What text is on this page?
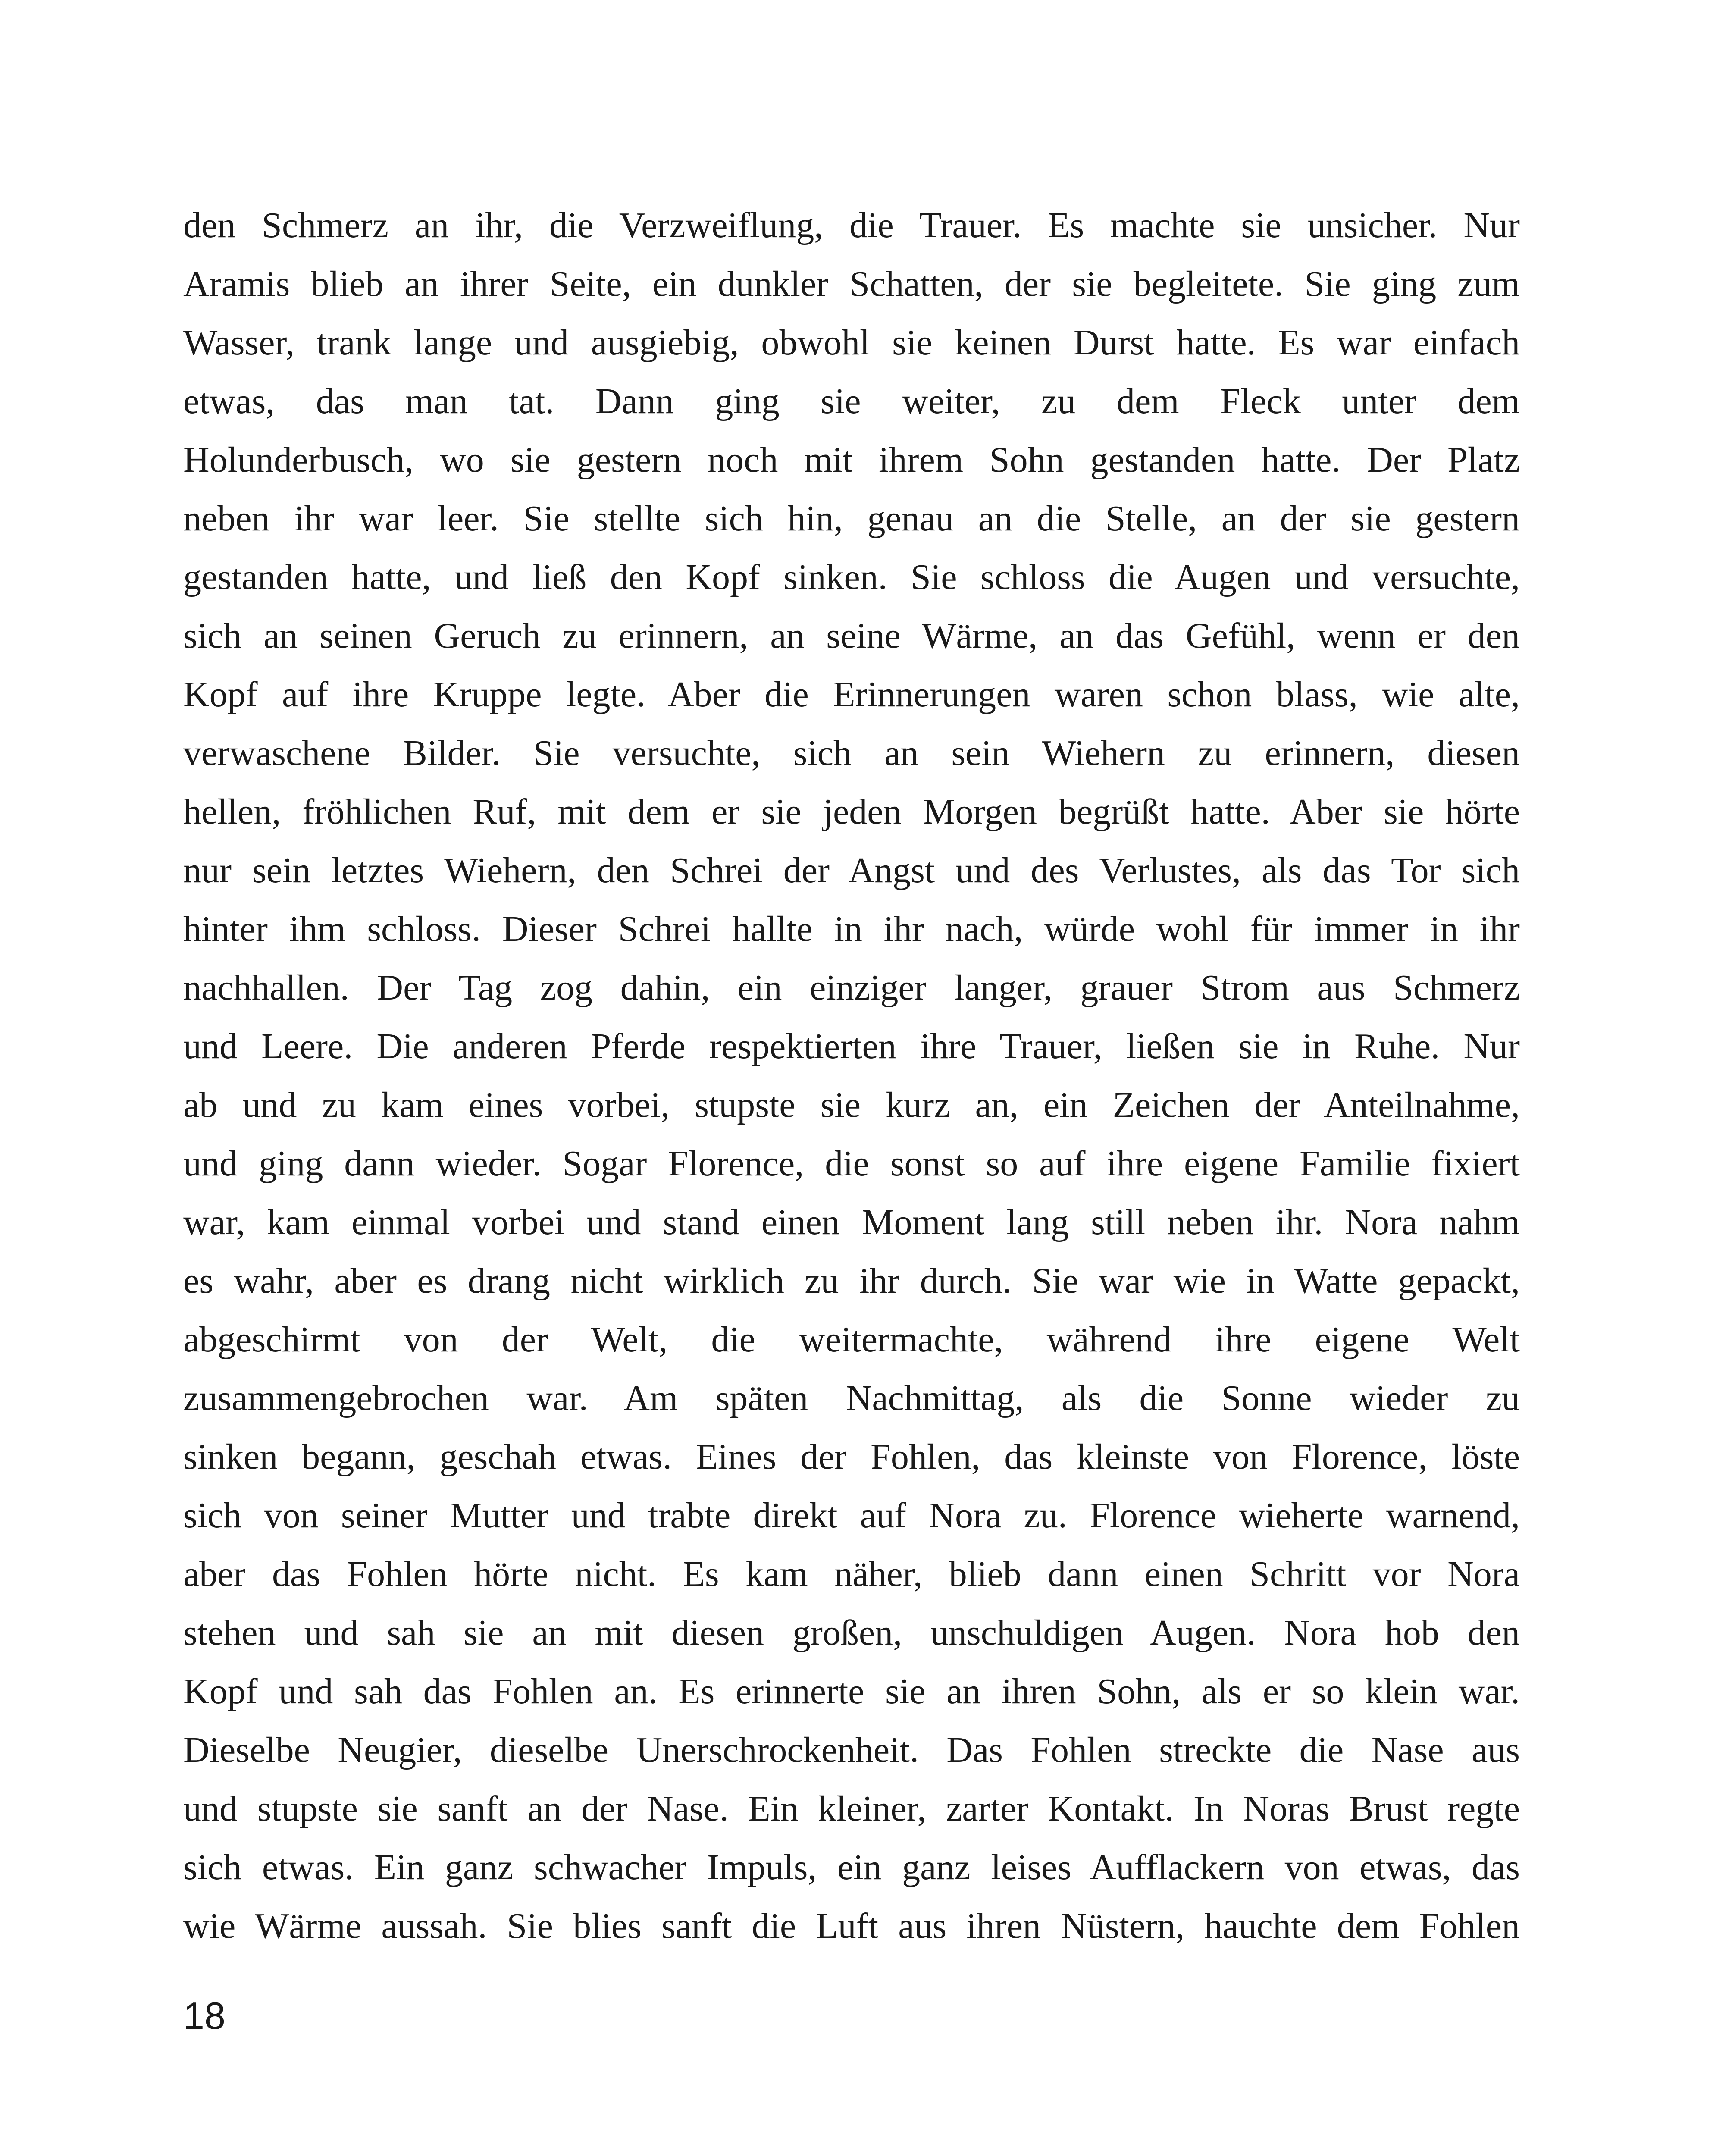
den Schmerz an ihr, die Verzweiflung, die Trauer. Es machte sie unsicher. Nur
Aramis blieb an ihrer Seite, ein dunkler Schatten, der sie begleitete. Sie ging zum
Wasser, trank lange und ausgiebig, obwohl sie keinen Durst hatte. Es war einfach
etwas, das man tat. Dann ging sie weiter, zu dem Fleck unter dem
Holunderbusch, wo sie gestern noch mit ihrem Sohn gestanden hatte. Der Platz
neben ihr war leer. Sie stellte sich hin, genau an die Stelle, an der sie gestern
gestanden hatte, und ließ den Kopf sinken. Sie schloss die Augen und versuchte,
sich an seinen Geruch zu erinnern, an seine Wärme, an das Gefühl, wenn er den
Kopf auf ihre Kruppe legte. Aber die Erinnerungen waren schon blass, wie alte,
verwaschene Bilder. Sie versuchte, sich an sein Wiehern zu erinnern, diesen
hellen, fröhlichen Ruf, mit dem er sie jeden Morgen begrüßt hatte. Aber sie hörte
nur sein letztes Wiehern, den Schrei der Angst und des Verlustes, als das Tor sich
hinter ihm schloss. Dieser Schrei hallte in ihr nach, würde wohl für immer in ihr
nachhallen. Der Tag zog dahin, ein einziger langer, grauer Strom aus Schmerz
und Leere. Die anderen Pferde respektierten ihre Trauer, ließen sie in Ruhe. Nur
ab und zu kam eines vorbei, stupste sie kurz an, ein Zeichen der Anteilnahme,
und ging dann wieder. Sogar Florence, die sonst so auf ihre eigene Familie fixiert
war, kam einmal vorbei und stand einen Moment lang still neben ihr. Nora nahm
es wahr, aber es drang nicht wirklich zu ihr durch. Sie war wie in Watte gepackt,
abgeschirmt von der Welt, die weitermachte, während ihre eigene Welt
zusammengebrochen war. Am späten Nachmittag, als die Sonne wieder zu
sinken begann, geschah etwas. Eines der Fohlen, das kleinste von Florence, löste
sich von seiner Mutter und trabte direkt auf Nora zu. Florence wieherte warnend,
aber das Fohlen hörte nicht. Es kam näher, blieb dann einen Schritt vor Nora
stehen und sah sie an mit diesen großen, unschuldigen Augen. Nora hob den
Kopf und sah das Fohlen an. Es erinnerte sie an ihren Sohn, als er so klein war.
Dieselbe Neugier, dieselbe Unerschrockenheit. Das Fohlen streckte die Nase aus
und stupste sie sanft an der Nase. Ein kleiner, zarter Kontakt. In Noras Brust regte
sich etwas. Ein ganz schwacher Impuls, ein ganz leises Aufflackern von etwas, das
wie Wärme aussah. Sie blies sanft die Luft aus ihren Nüstern, hauchte dem Fohlen
18
